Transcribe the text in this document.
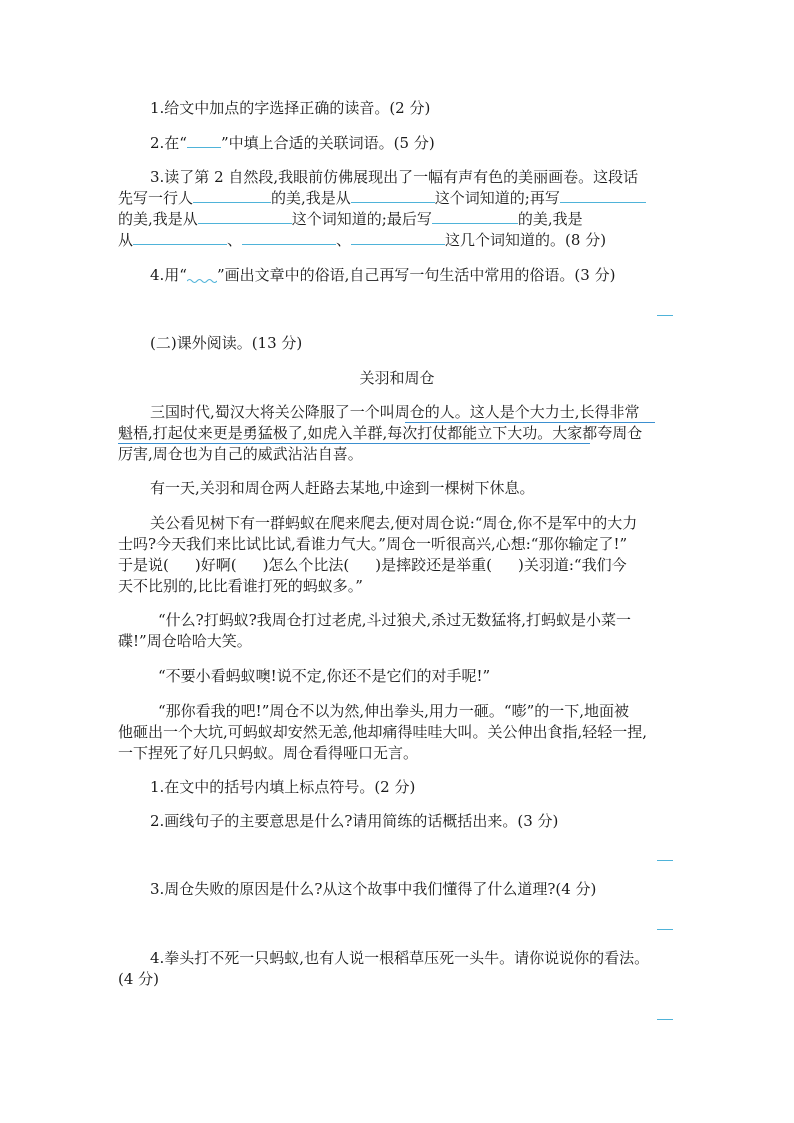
1.给文中加点的字选择正确的读音。(2 分)
2.在“ ”中填上合适的关联词语。(5 分)
3.读了第 2 自然段,我眼前仿佛展现出了一幅有声有色的美丽画卷。这段话
先写一行人	的美,我是从	这个词知道的;再写
的美,我是从	这个词知道的;最后写	的美,我是
从	、	、	这几个词知道的。(8 分)
4.用“ ”画出文章中的俗语,自己再写一句生活中常用的俗语。(3 分)
(二)课外阅读。(13 分)
关羽和周仓
三国时代,蜀汉大将关公降服了一个叫周仓的人。这人是个大力士,长得非常
魁梧,打起仗来更是勇猛极了,如虎入羊群,每次打仗都能立下大功。大家都夸周仓
厉害,周仓也为自己的威武沾沾自喜。
有一天,关羽和周仓两人赶路去某地,中途到一棵树下休息。
关公看见树下有一群蚂蚁在爬来爬去,便对周仓说:“周仓,你不是军中的大力
士吗?今天我们来比试比试,看谁力气大。”周仓一听很高兴,心想:“那你输定了!”
于是说( )好啊( )怎么个比法( )是摔跤还是举重( )关羽道:“我们今
天不比别的,比比看谁打死的蚂蚁多。”
“什么?打蚂蚁?我周仓打过老虎,斗过狼犬,杀过无数猛将,打蚂蚁是小菜一
碟!”周仓哈哈大笑。
“不要小看蚂蚁噢!说不定,你还不是它们的对手呢!”
“那你看我的吧!”周仓不以为然,伸出拳头,用力一砸。“嘭”的一下,地面被
他砸出一个大坑,可蚂蚁却安然无恙,他却痛得哇哇大叫。关公伸出食指,轻轻一捏,
一下捏死了好几只蚂蚁。周仓看得哑口无言。
1.在文中的括号内填上标点符号。(2 分)
2.画线句子的主要意思是什么?请用简练的话概括出来。(3 分)
3.周仓失败的原因是什么?从这个故事中我们懂得了什么道理?(4 分)
4.拳头打不死一只蚂蚁,也有人说一根稻草压死一头牛。请你说说你的看法。
(4 分)
